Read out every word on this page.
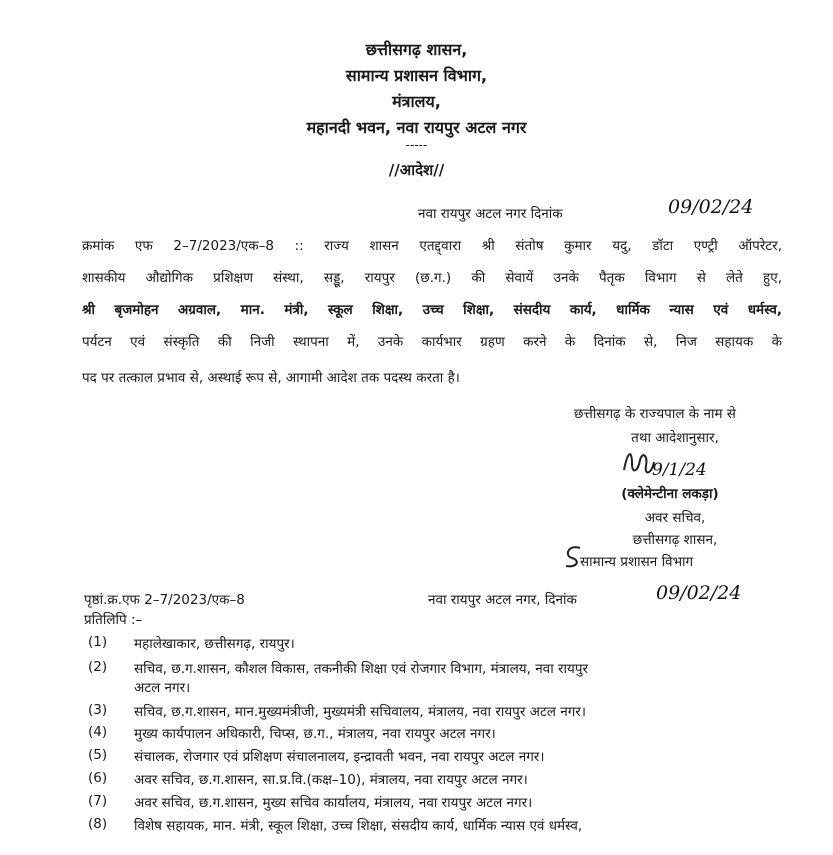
छत्तीसगढ़ शासन,
सामान्य प्रशासन विभाग,
मंत्रालय,
महानदी भवन, नवा रायपुर अटल नगर
-----
//आदेश//
नवा रायपुर अटल नगर दिनांक	09/02/24
क्रमांक एफ 2–7/2023/एक–8 :: राज्य शासन एतद्द्वारा श्री संतोष कुमार यदु, डॉटा एण्ट्री ऑपरेटर,
शासकीय औद्योगिक प्रशिक्षण संस्था, सड्डू, रायपुर (छ.ग.) की सेवायें उनके पैतृक विभाग से लेते हुए,
श्री बृजमोहन अग्रवाल, मान. मंत्री, स्कूल शिक्षा, उच्च शिक्षा, संसदीय कार्य, धार्मिक न्यास एवं धर्मस्व,
पर्यटन एवं संस्कृति की निजी स्थापना में, उनके कार्यभार ग्रहण करने के दिनांक से, निज सहायक के
पद पर तत्काल प्रभाव से, अस्थाई रूप से, आगामी आदेश तक पदस्थ करता है।
छत्तीसगढ़ के राज्यपाल के नाम से
तथा आदेशानुसार,
9/1/24
(क्लेमेन्टीना लकड़ा)
अवर सचिव,
छत्तीसगढ़ शासन,
सामान्य प्रशासन विभाग
पृष्ठां.क्र.एफ 2–7/2023/एक–8	नवा रायपुर अटल नगर, दिनांक	09/02/24
प्रतिलिपि :–
(1) महालेखाकार, छत्तीसगढ़, रायपुर।
(2) सचिव, छ.ग.शासन, कौशल विकास, तकनीकी शिक्षा एवं रोजगार विभाग, मंत्रालय, नवा रायपुर
अटल नगर।
(3) सचिव, छ.ग.शासन, मान.मुख्यमंत्रीजी, मुख्यमंत्री सचिवालय, मंत्रालय, नवा रायपुर अटल नगर।
(4) मुख्य कार्यपालन अधिकारी, चिप्स, छ.ग., मंत्रालय, नवा रायपुर अटल नगर।
(5) संचालक, रोजगार एवं प्रशिक्षण संचालनालय, इन्द्रावती भवन, नवा रायपुर अटल नगर।
(6) अवर सचिव, छ.ग.शासन, सा.प्र.वि.(कक्ष–10), मंत्रालय, नवा रायपुर अटल नगर।
(7) अवर सचिव, छ.ग.शासन, मुख्य सचिव कार्यालय, मंत्रालय, नवा रायपुर अटल नगर।
(8) विशेष सहायक, मान. मंत्री, स्कूल शिक्षा, उच्च शिक्षा, संसदीय कार्य, धार्मिक न्यास एवं धर्मस्व,
